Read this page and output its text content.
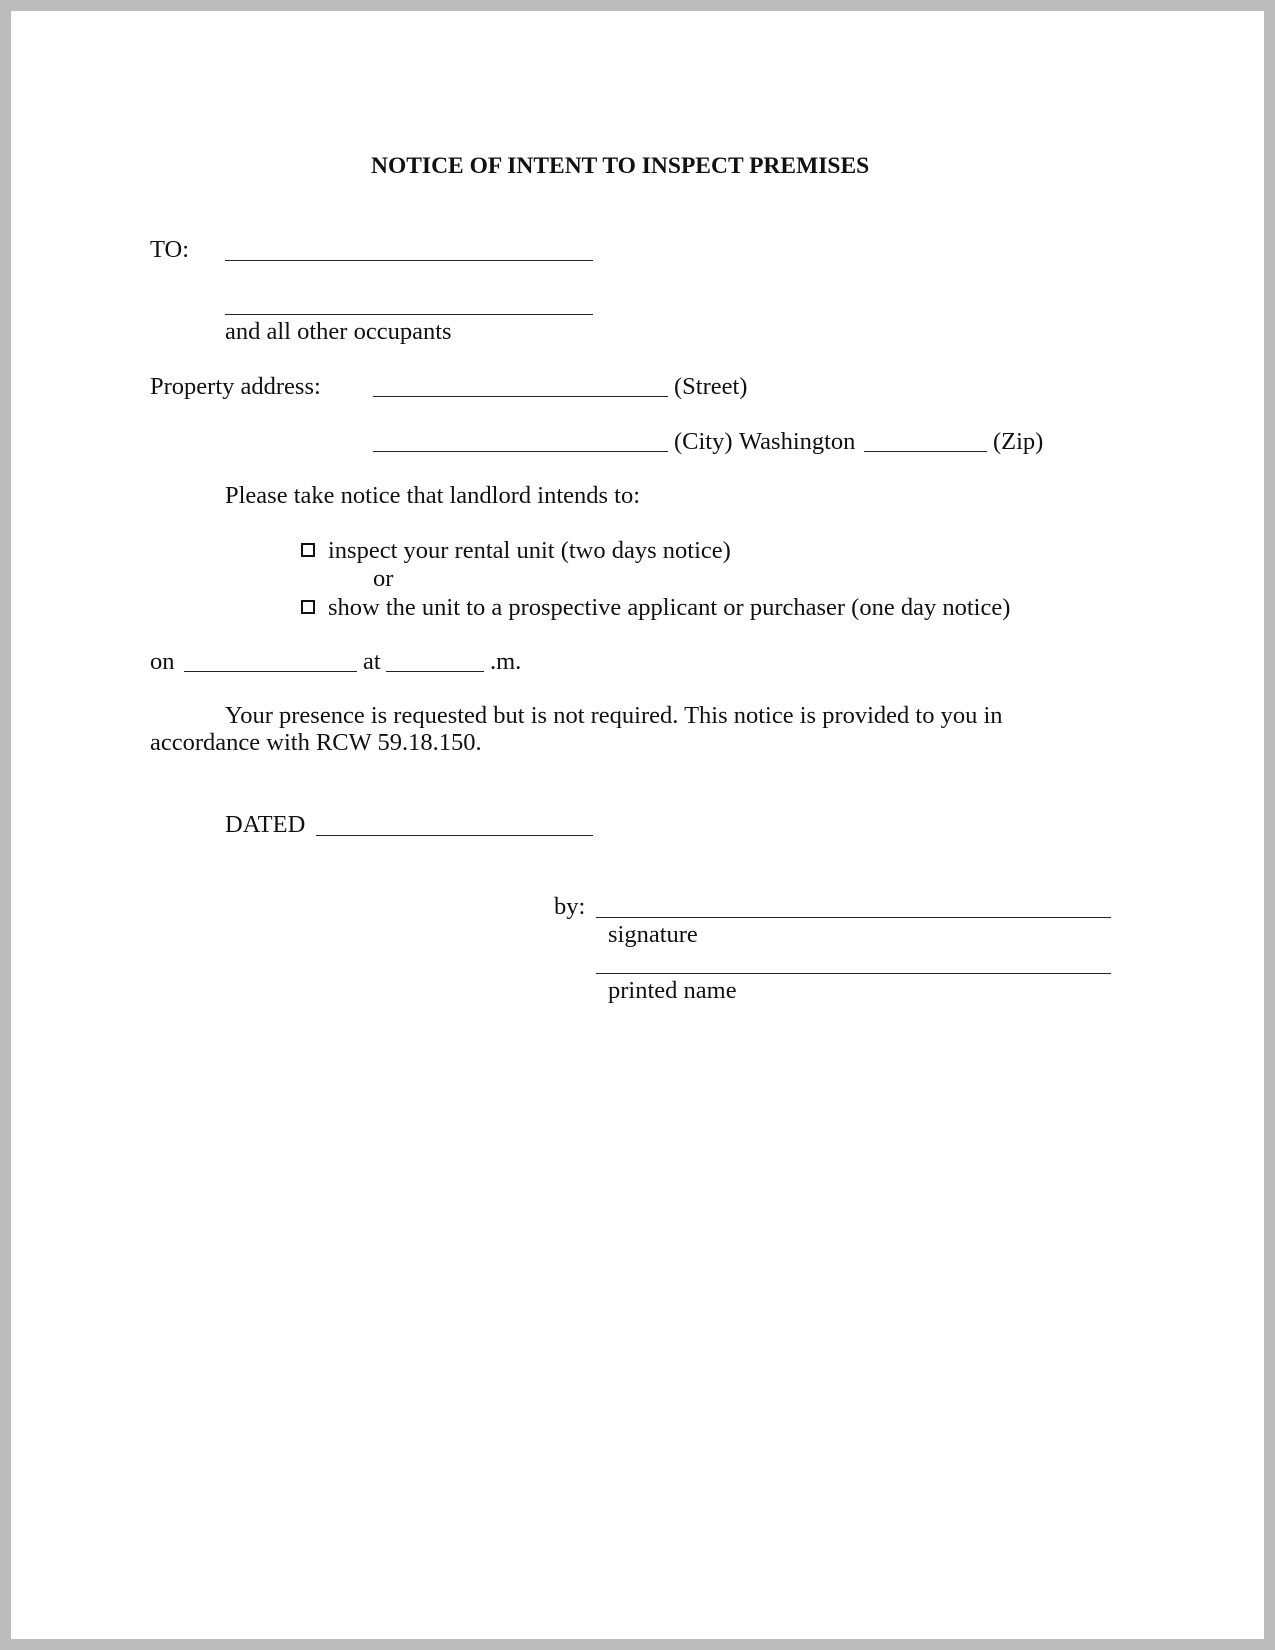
NOTICE OF INTENT TO INSPECT PREMISES
TO:
and all other occupants
Property address:	(Street)
(City) Washington	(Zip)
Please take notice that landlord intends to:
inspect your rental unit (two days notice)
or
show the unit to a prospective applicant or purchaser (one day notice)
on	at	.m.
Your presence is requested but is not required. This notice is provided to you in
accordance with RCW 59.18.150.
DATED
by:
signature
printed name
